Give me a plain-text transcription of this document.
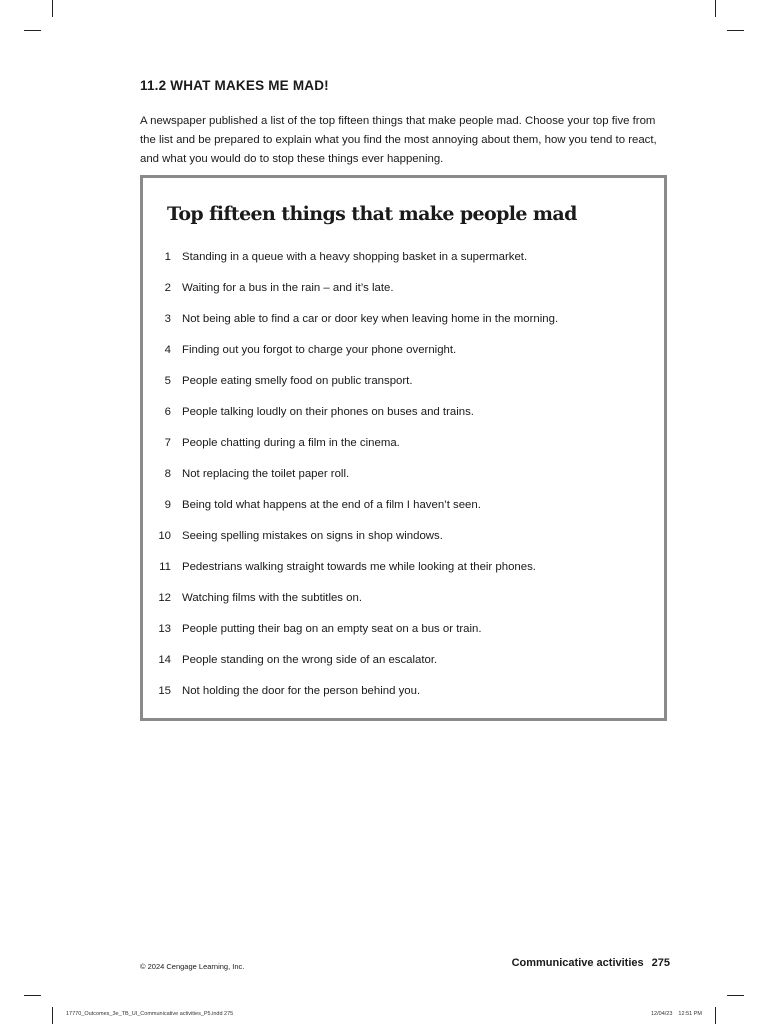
11.2 WHAT MAKES ME MAD!

A newspaper published a list of the top fifteen things that make people mad. Choose your top five from the list and be prepared to explain what you find the most annoying about them, how you tend to react, and what you would do to stop these things ever happening.

Top fifteen things that make people mad
1 Standing in a queue with a heavy shopping basket in a supermarket.
2 Waiting for a bus in the rain – and it’s late.
3 Not being able to find a car or door key when leaving home in the morning.
4 Finding out you forgot to charge your phone overnight.
5 People eating smelly food on public transport.
6 People talking loudly on their phones on buses and trains.
7 People chatting during a film in the cinema.
8 Not replacing the toilet paper roll.
9 Being told what happens at the end of a film I haven’t seen.
10 Seeing spelling mistakes on signs in shop windows.
11 Pedestrians walking straight towards me while looking at their phones.
12 Watching films with the subtitles on.
13 People putting their bag on an empty seat on a bus or train.
14 People standing on the wrong side of an escalator.
15 Not holding the door for the person behind you.
© 2024 Cengage Learning, Inc.	Communicative activities 275
17770_Outcomes_3e_TB_UI_Communicative activities_P5.indd 275	12/04/23 12:51 PM
